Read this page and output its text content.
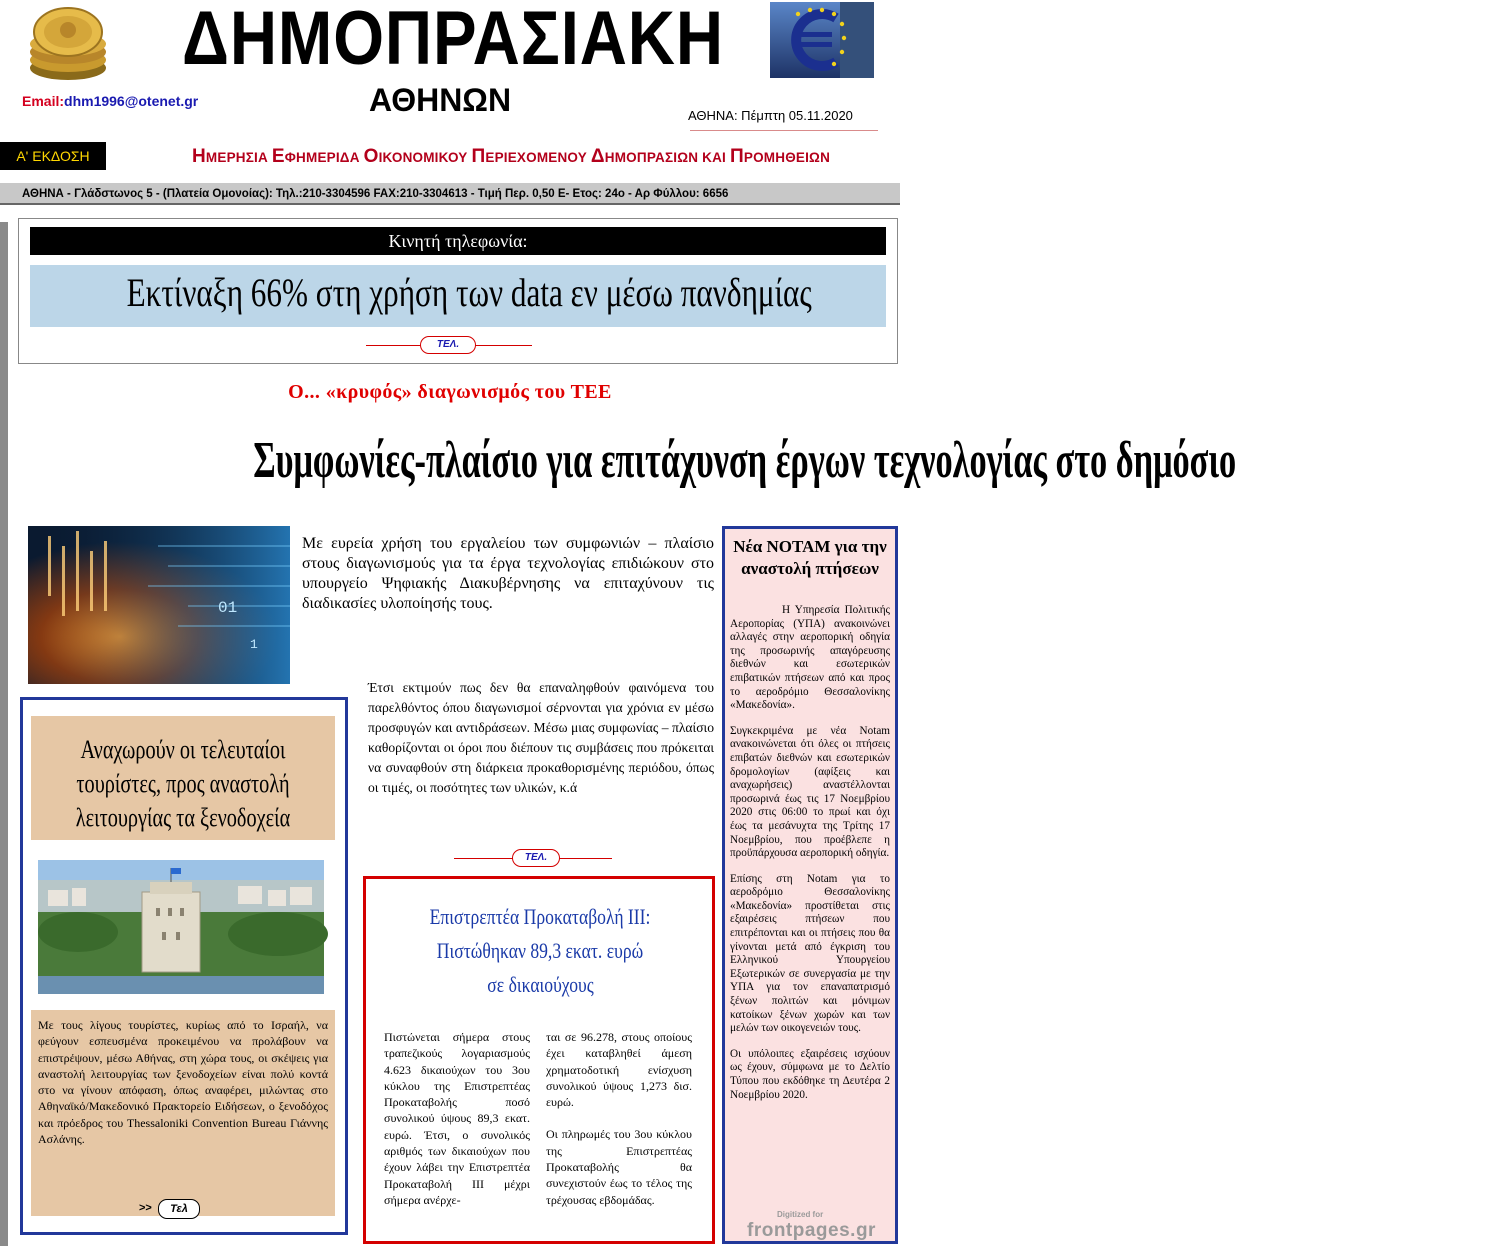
ΔΗΜΟΠΡΑΣΙΑΚΗ
ΑΘΗΝΩΝ
Email:dhm1996@otenet.gr
ΑΘΗΝΑ: Πέμπτη 05.11.2020
Α' ΕΚΔΟΣΗ	ΗΜΕΡΗΣΙΑ ΕΦΗΜΕΡΙΔΑ ΟΙΚΟΝΟΜΙΚΟΥ ΠΕΡΙΕΧΟΜΕΝΟΥ ΔΗΜΟΠΡΑΣΙΩΝ ΚΑΙ ΠΡΟΜΗΘΕΙΩΝ
ΑΘΗΝΑ - Γλάδστωνος 5 - (Πλατεία Ομονοίας): Τηλ.:210-3304596 FAX:210-3304613 - Τιμή Περ. 0,50 Ε- Ετος: 24ο - Αρ Φύλλου: 6656
Κινητή τηλεφωνία:
Εκτίναξη 66% στη χρήση των data εν μέσω πανδημίας
ΤΕΛ.
Ο... «κρυφός» διαγωνισμός του ΤΕΕ
Συμφωνίες-πλαίσιο για επιτάχυνση έργων τεχνολογίας στο δημόσιο
01
1
Με ευρεία χρήση του εργαλείου των συμφωνιών – πλαίσιο στους διαγωνισμούς για τα έργα τεχνολογίας επιδιώκουν στο υπουργείο Ψηφιακής Διακυβέρνησης να επιταχύνουν τις διαδικασίες υλοποίησής τους.

Έτσι εκτιμούν πως δεν θα επαναληφθούν φαινόμενα του παρελθόντος όπου διαγωνισμοί σέρνονται για χρόνια εν μέσω προσφυγών και αντιδράσεων. Μέσω μιας συμφωνίας – πλαίσιο καθορίζονται οι όροι που διέπουν τις συμβάσεις που πρόκειται να συναφθούν στη διάρκεια προκαθορισμένης περιόδου, όπως οι τιμές, οι ποσότητες των υλικών, κ.ά

ΤΕΛ.
Αναχωρούν οι τελευταίοι τουρίστες, προς αναστολή λειτουργίας τα ξενοδοχεία
Με τους λίγους τουρίστες, κυρίως από το Ισραήλ, να φεύγουν εσπευσμένα προκειμένου να προλάβουν να επιστρέψουν, μέσω Αθήνας, στη χώρα τους, οι σκέψεις για αναστολή λειτουργίας των ξενοδοχείων είναι πολύ κοντά στο να γίνουν απόφαση, όπως αναφέρει, μιλώντας στο Αθηναϊκό/Μακεδονικό Πρακτορείο Ειδήσεων, ο ξενοδόχος και πρόεδρος του Thessaloniki Convention Bureau Γιάννης Ασλάνης.
>>	Τελ
Επιστρεπτέα Προκαταβολή ΙΙΙ:
Πιστώθηκαν 89,3 εκατ. ευρώ
σε δικαιούχους

Πιστώνεται σήμερα στους τραπεζικούς λογαριασμούς 4.623 δικαιούχων του 3ου κύκλου της Επιστρεπτέας Προκαταβολής ποσό συνολικού ύψους 89,3 εκατ. ευρώ. Έτσι, ο συνολικός αριθμός των δικαιούχων που έχουν λάβει την Επιστρεπτέα Προκαταβολή ΙΙΙ μέχρι σήμερα ανέρχε-

ται σε 96.278, στους οποίους έχει καταβληθεί άμεση χρηματοδοτική ενίσχυση συνολικού ύψους 1,273 δισ. ευρώ.

Οι πληρωμές του 3ου κύκλου της Επιστρεπτέας Προκαταβολής θα συνεχιστούν έως το τέλος της τρέχουσας εβδομάδας.

Νέα NOTAM για την αναστολή πτήσεων

Η Υπηρεσία Πολιτικής Αεροπορίας (ΥΠΑ) ανακοινώνει αλλαγές στην αεροπορική οδηγία της προσωρινής απαγόρευσης διεθνών και εσωτερικών επιβατικών πτήσεων από και προς το αεροδρόμιο Θεσσαλονίκης «Μακεδονία».

Συγκεκριμένα με νέα Notam ανακοινώνεται ότι όλες οι πτήσεις επιβατών διεθνών και εσωτερικών δρομολογίων (αφίξεις και αναχωρήσεις) αναστέλλονται προσωρινά έως τις 17 Νοεμβρίου 2020 στις 06:00 το πρωί και όχι έως τα μεσάνυχτα της Τρίτης 17 Νοεμβρίου, που προέβλεπε η προϋπάρχουσα αεροπορική οδηγία.

Επίσης στη Notam για το αεροδρόμιο Θεσσαλονίκης «Μακεδονία» προστίθεται στις εξαιρέσεις πτήσεων που επιτρέπονται και οι πτήσεις που θα γίνονται μετά από έγκριση του Ελληνικού Υπουργείου Εξωτερικών σε συνεργασία με την ΥΠΑ για τον επαναπατρισμό ξένων πολιτών και μόνιμων κατοίκων ξένων χωρών και των μελών των οικογενειών τους.

Οι υπόλοιπες εξαιρέσεις ισχύουν ως έχουν, σύμφωνα με το Δελτίο Τύπου που εκδόθηκε τη Δευτέρα 2 Νοεμβρίου 2020.

Digitized for
frontpages.gr
